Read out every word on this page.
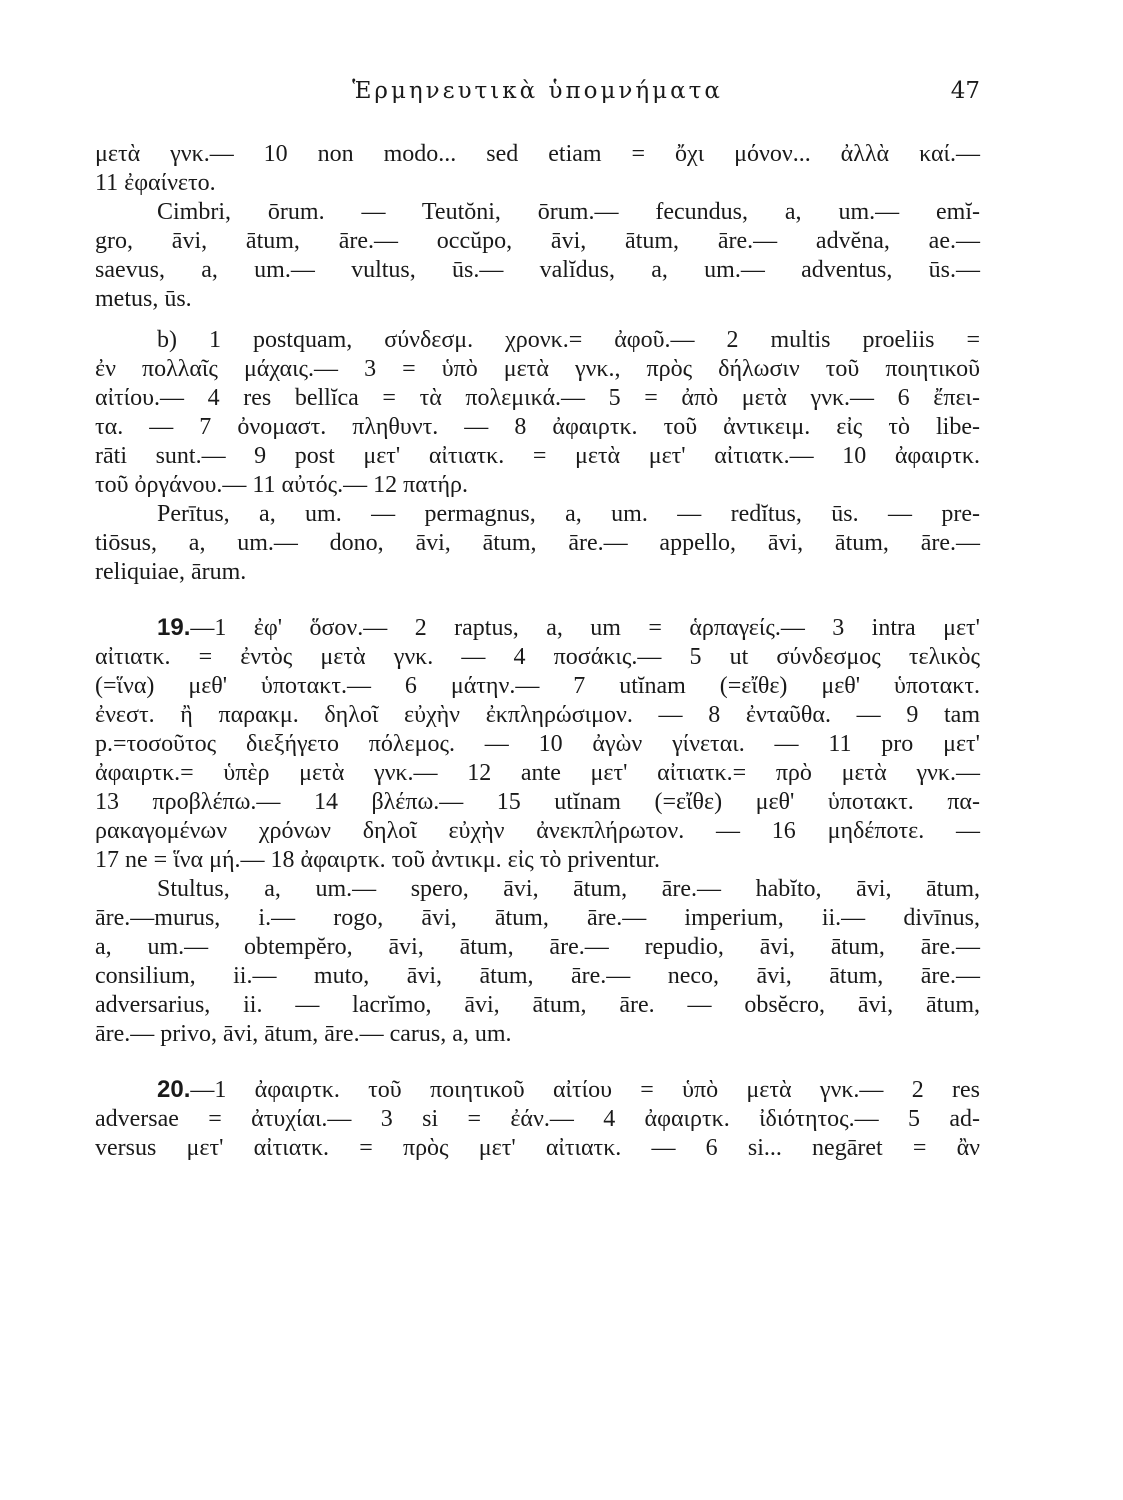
Ἑρμηνευτικὰ ὑπομνήματα	47
μετὰ γνκ.— 10 non modo... sed etiam = ὄχι μόνον... ἀλλὰ καί.—
11 ἐφαίνετο.
Cimbri, ōrum. — Teutŏni, ōrum.— fecundus, a, um.— emĭ-
gro, āvi, ātum, āre.— occŭpo, āvi, ātum, āre.— advĕna, ae.—
saevus, a, um.— vultus, ūs.— valĭdus, a, um.— adventus, ūs.—
metus, ūs.
b) 1 postquam, σύνδεσμ. χρονκ.= ἀφοῦ.— 2 multis proeliis =
ἐν πολλαῖς μάχαις.— 3 = ὑπὸ μετὰ γνκ., πρὸς δήλωσιν τοῦ ποιητικοῦ
αἰτίου.— 4 res bellĭca = τὰ πολεμικά.— 5 = ἀπὸ μετὰ γνκ.— 6 ἔπει-
τα. — 7 ὀνομαστ. πληθυντ. — 8 ἀφαιρτκ. τοῦ ἀντικειμ. εἰς τὸ libe-
rāti sunt.— 9 post μετ' αἰτιατκ. = μετὰ μετ' αἰτιατκ.— 10 ἀφαιρτκ.
τοῦ ὀργάνου.— 11 αὐτός.— 12 πατήρ.
Perītus, a, um. — permagnus, a, um. — redĭtus, ūs. — pre-
tiōsus, a, um.— dono, āvi, ātum, āre.— appello, āvi, ātum, āre.—
reliquiae, ārum.
19.—1 ἐφ' ὅσον.— 2 raptus, a, um = ἁρπαγείς.— 3 intra μετ'
αἰτιατκ. = ἐντὸς μετὰ γνκ. — 4 ποσάκις.— 5 ut σύνδεσμος τελικὸς
(=ἵνα) μεθ' ὑποτακτ.— 6 μάτην.— 7 utĭnam (=εἴθε) μεθ' ὑποτακτ.
ἐνεστ. ἢ παρακμ. δηλοῖ εὐχὴν ἐκπληρώσιμον. — 8 ἐνταῦθα. — 9 tam
p.=τοσοῦτος διεξήγετο πόλεμος. — 10 ἀγὼν γίνεται. — 11 pro μετ'
ἀφαιρτκ.= ὑπὲρ μετὰ γνκ.— 12 ante μετ' αἰτιατκ.= πρὸ μετὰ γνκ.—
13 προβλέπω.— 14 βλέπω.— 15 utĭnam (=εἴθε) μεθ' ὑποτακτ. πα-
ρακαγομένων χρόνων δηλοῖ εὐχὴν ἀνεκπλήρωτον. — 16 μηδέποτε. —
17 ne = ἵνα μή.— 18 ἀφαιρτκ. τοῦ ἀντικμ. εἰς τὸ priventur.
Stultus, a, um.— spero, āvi, ātum, āre.— habĭto, āvi, ātum,
āre.—murus, i.— rogo, āvi, ātum, āre.— imperium, ii.— divīnus,
a, um.— obtempĕro, āvi, ātum, āre.— repudio, āvi, ātum, āre.—
consilium, ii.— muto, āvi, ātum, āre.— neco, āvi, ātum, āre.—
adversarius, ii. — lacrĭmo, āvi, ātum, āre. — obsĕcro, āvi, ātum,
āre.— privo, āvi, ātum, āre.— carus, a, um.
20.—1 ἀφαιρτκ. τοῦ ποιητικοῦ αἰτίου = ὑπὸ μετὰ γνκ.— 2 res
adversae = ἀτυχίαι.— 3 si = ἐάν.— 4 ἀφαιρτκ. ἰδιότητος.— 5 ad-
versus μετ' αἰτιατκ. = πρὸς μετ' αἰτιατκ. — 6 si... negāret = ἂν
